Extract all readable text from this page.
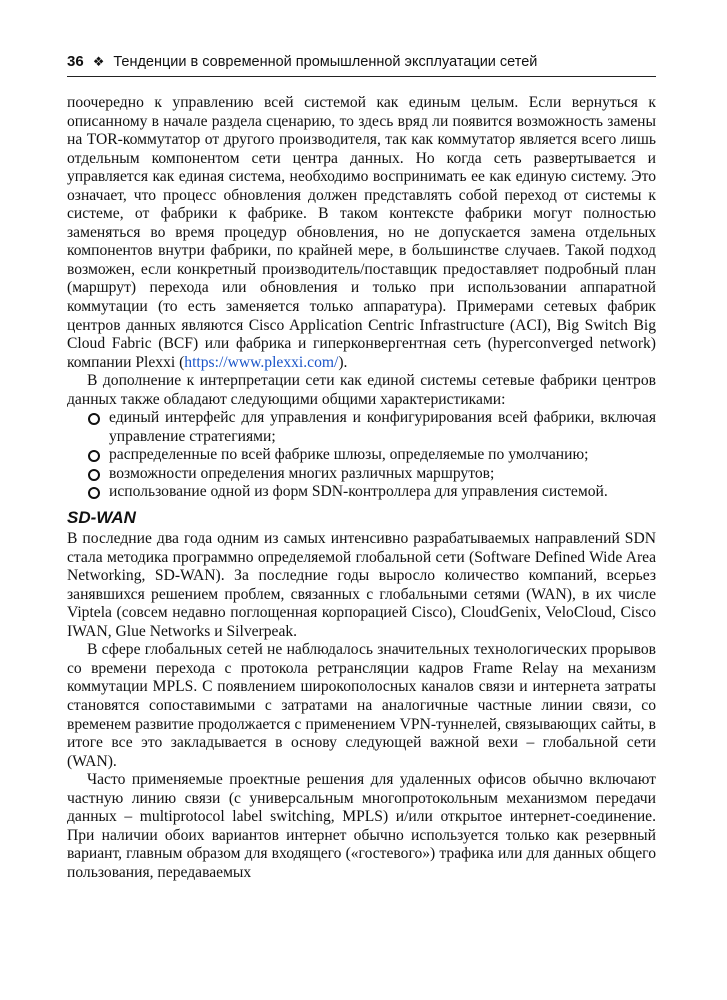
36 ❖ Тенденции в современной промышленной эксплуатации сетей

поочередно к управлению всей системой как единым целым. Если вернуться к описанному в начале раздела сценарию, то здесь вряд ли появится возможность замены на TOR-коммутатор от другого производителя, так как коммутатор является всего лишь отдельным компонентом сети центра данных. Но когда сеть развертывается и управляется как единая система, необходимо воспринимать ее как единую систему. Это означает, что процесс обновления должен представлять собой переход от системы к системе, от фабрики к фабрике. В таком контексте фабрики могут полностью заменяться во время процедур обновления, но не допускается замена отдельных компонентов внутри фабрики, по крайней мере, в большинстве случаев. Такой подход возможен, если конкретный производитель/поставщик предоставляет подробный план (маршрут) перехода или обновления и только при использовании аппаратной коммутации (то есть заменяется только аппаратура). Примерами сетевых фабрик центров данных являются Cisco Application Centric Infrastructure (ACI), Big Switch Big Cloud Fabric (BCF) или фабрика и гиперконвергентная сеть (hyperconverged network) компании Plexxi (https://www.plexxi.com/).

В дополнение к интерпретации сети как единой системы сетевые фабрики центров данных также обладают следующими общими характеристиками:

единый интерфейс для управления и конфигурирования всей фабрики, включая управление стратегиями;
распределенные по всей фабрике шлюзы, определяемые по умолчанию;
возможности определения многих различных маршрутов;
использование одной из форм SDN-контроллера для управления системой.
SD-WAN

В последние два года одним из самых интенсивно разрабатываемых направлений SDN стала методика программно определяемой глобальной сети (Software Defined Wide Area Networking, SD-WAN). За последние годы выросло количество компаний, всерьез занявшихся решением проблем, связанных с глобальными сетями (WAN), в их числе Viptela (совсем недавно поглощенная корпорацией Cisco), CloudGenix, VeloCloud, Cisco IWAN, Glue Networks и Silverpeak.

В сфере глобальных сетей не наблюдалось значительных технологических прорывов со времени перехода с протокола ретрансляции кадров Frame Relay на механизм коммутации MPLS. С появлением широкополосных каналов связи и интернета затраты становятся сопоставимыми с затратами на аналогичные частные линии связи, со временем развитие продолжается с применением VPN-туннелей, связывающих сайты, в итоге все это закладывается в основу следующей важной вехи – глобальной сети (WAN).

Часто применяемые проектные решения для удаленных офисов обычно включают частную линию связи (с универсальным многопротокольным механизмом передачи данных – multiprotocol label switching, MPLS) и/или открытое интернет-соединение. При наличии обоих вариантов интернет обычно используется только как резервный вариант, главным образом для входящего («гостевого») трафика или для данных общего пользования, передаваемых
